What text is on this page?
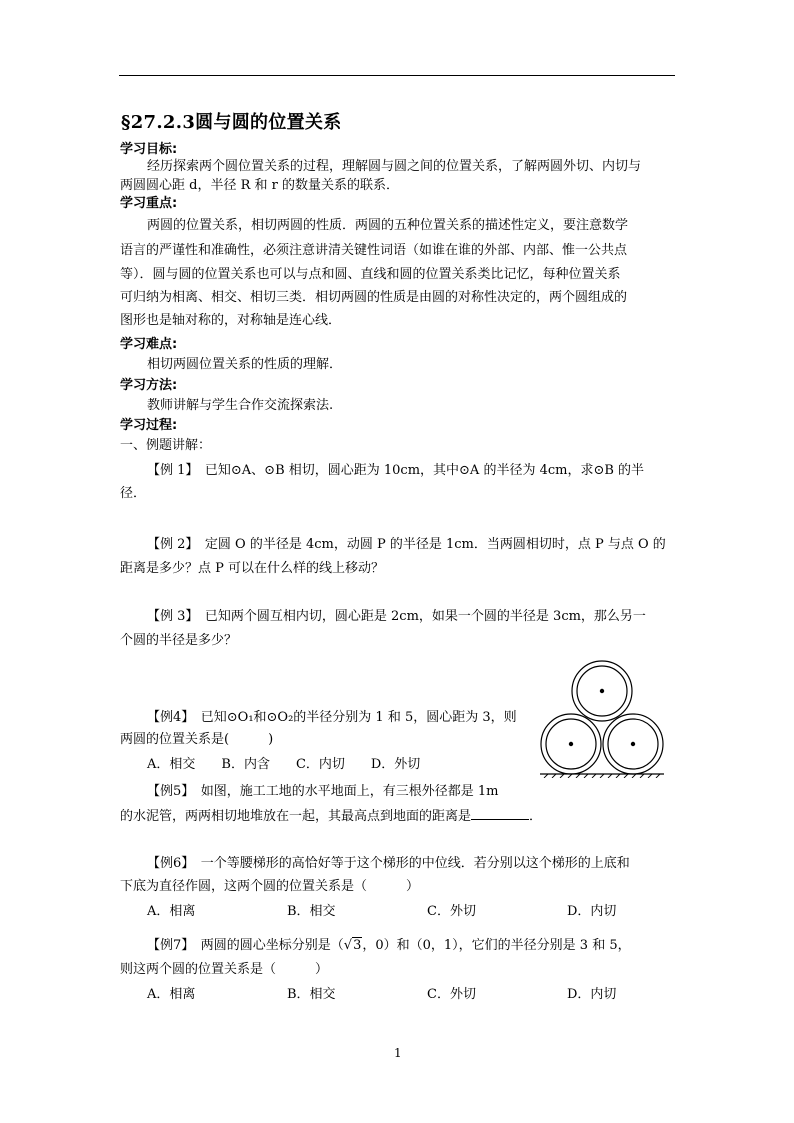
§27.2.3圆与圆的位置关系
学习目标:
经历探索两个圆位置关系的过程，理解圆与圆之间的位置关系，了解两圆外切、内切与
两圆圆心距 d，半径 R 和 r 的数量关系的联系．
学习重点:
两圆的位置关系，相切两圆的性质．两圆的五种位置关系的描述性定义，要注意数学
语言的严谨性和准确性，必须注意讲清关键性词语（如谁在谁的外部、内部、惟一公共点
等）．圆与圆的位置关系也可以与点和圆、直线和圆的位置关系类比记忆，每种位置关系
可归纳为相离、相交、相切三类．相切两圆的性质是由圆的对称性决定的，两个圆组成的
图形也是轴对称的，对称轴是连心线．
学习难点:
相切两圆位置关系的性质的理解．
学习方法:
教师讲解与学生合作交流探索法.
学习过程:
一、例题讲解：
【例 1】　已知⊙A、⊙B 相切，圆心距为 10cm，其中⊙A 的半径为 4cm，求⊙B 的半
径．
【例 2】　定圆 O 的半径是 4cm，动圆 P 的半径是 1cm．当两圆相切时，点 P 与点 O 的
距离是多少？点 P 可以在什么样的线上移动？
【例 3】　已知两个圆互相内切，圆心距是 2cm，如果一个圆的半径是 3cm，那么另一
个圆的半径是多少？
【例4】　已知⊙O₁和⊙O₂的半径分别为 1 和 5，圆心距为 3，则
两圆的位置关系是(　　　)
A．相交　　B．内含　　C．内切　　D．外切
【例5】　如图，施工工地的水平地面上，有三根外径都是 1m
的水泥管，两两相切地堆放在一起，其最高点到地面的距离是	．
【例6】　一个等腰梯形的高恰好等于这个梯形的中位线．若分别以这个梯形的上底和
下底为直径作圆，这两个圆的位置关系是（　　　）
A．相离	B．相交	C．外切	D．内切
【例7】　两圆的圆心坐标分别是（√3，0）和（0，1），它们的半径分别是 3 和 5，
则这两个圆的位置关系是（　　　）
A．相离	B．相交	C．外切	D．内切
1
